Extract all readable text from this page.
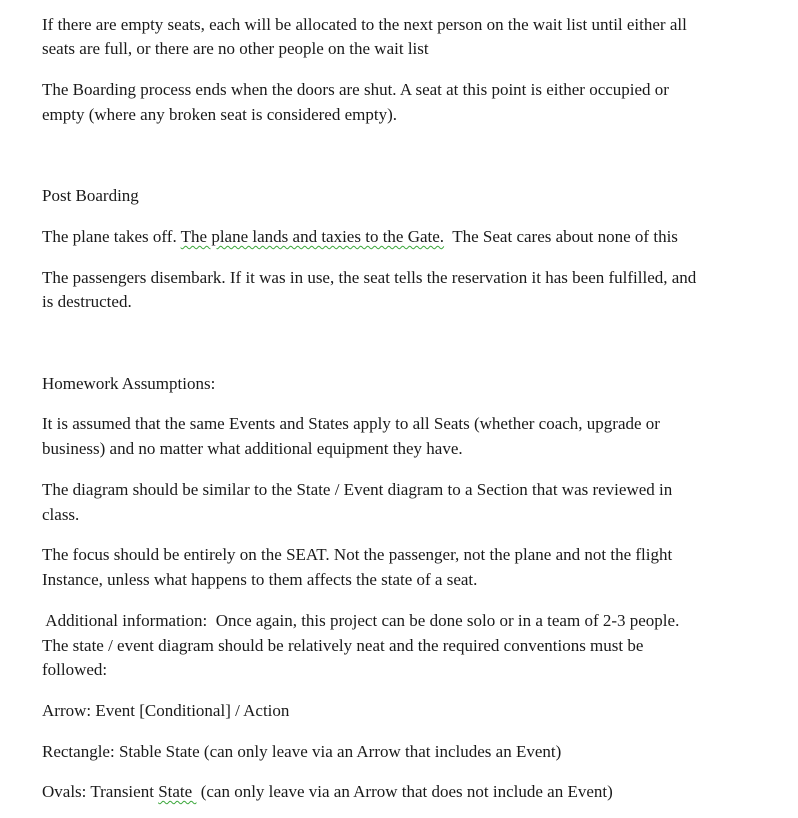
If there are empty seats, each will be allocated to the next person on the wait list until either all
seats are full, or there are no other people on the wait list
The Boarding process ends when the doors are shut. A seat at this point is either occupied or
empty (where any broken seat is considered empty).
Post Boarding
The plane takes off. The plane lands and taxies to the Gate.  The Seat cares about none of this
The passengers disembark. If it was in use, the seat tells the reservation it has been fulfilled, and
is destructed.
Homework Assumptions:
It is assumed that the same Events and States apply to all Seats (whether coach, upgrade or
business) and no matter what additional equipment they have.
The diagram should be similar to the State / Event diagram to a Section that was reviewed in
class.
The focus should be entirely on the SEAT. Not the passenger, not the plane and not the flight
Instance, unless what happens to them affects the state of a seat.
Additional information:  Once again, this project can be done solo or in a team of 2-3 people.
The state / event diagram should be relatively neat and the required conventions must be
followed:
Arrow: Event [Conditional] / Action
Rectangle: Stable State (can only leave via an Arrow that includes an Event)
Ovals: Transient State  (can only leave via an Arrow that does not include an Event)
